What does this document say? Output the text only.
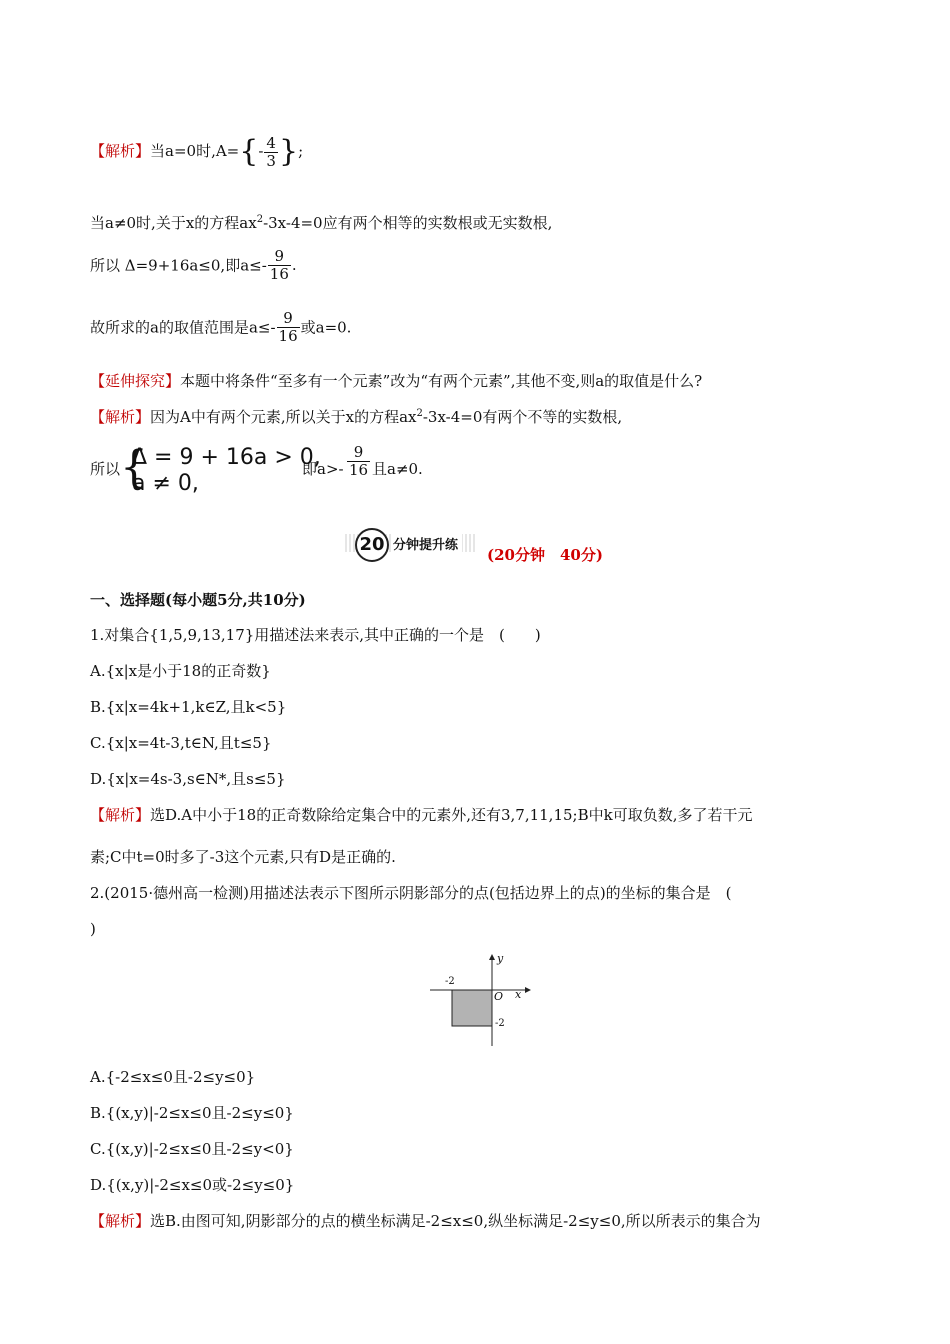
【解析】当a=0时$,A=\{- \frac{4}{3}$ };
当a≠0时,关于x的方程$ax^2-3x-4=0$应有两个相等的实数根或无实数根,
所以 Δ=9+16a≤0,即$a\le- \frac{9}{16}$ .
故所求的a的取值范围是$a\le- \frac{9}{16}$ 或a=0.
【延伸探究】本题中将条件“至多有一个元素”改为“有两个元素”,其他不变,则a的取值是什么?
【解析】因为A中有两个元素,所以关于x的方程$ax^2-3x-4=0$有两个不等的实数根,
所以 {
Δ = 9 + 16a > 0,
a ≠ 0,
即$a>- \frac{9}{16}$ 且a≠0.
20 分钟提升练
(20分钟　40分)
一、选择题(每小题5分,共10分)
1.对集合{1,5,9,13,17}用描述法来表示,其中正确的一个是　(　　)
A.{x|x是小于18的正奇数}
B.{x|x=4k+1,k∈Z,且k<5}
C.{x|x=4t-3,t∈N,且t≤5}
D.{x|x=4s-3,s∈N*,且s≤5}
【解析】选D.A中小于18的正奇数除给定集合中的元素外,还有3,7,11,15;B中k可取负数,多了若干元
素;C中t=0时多了-3这个元素,只有D是正确的.
2.(2015·德州高一检测)用描述法表示下图所示阴影部分的点(包括边界上的点)的坐标的集合是　(
)
-2
-2
O x
y
A.{-2≤x≤0且-2≤y≤0}
B.{(x,y)|-2≤x≤0且-2≤y≤0}
C.{(x,y)|-2≤x≤0且-2≤y<0}
D.{(x,y)|-2≤x≤0或-2≤y≤0}
【解析】选B.由图可知,阴影部分的点的横坐标满足-2≤x≤0,纵坐标满足-2≤y≤0,所以所表示的集合为
